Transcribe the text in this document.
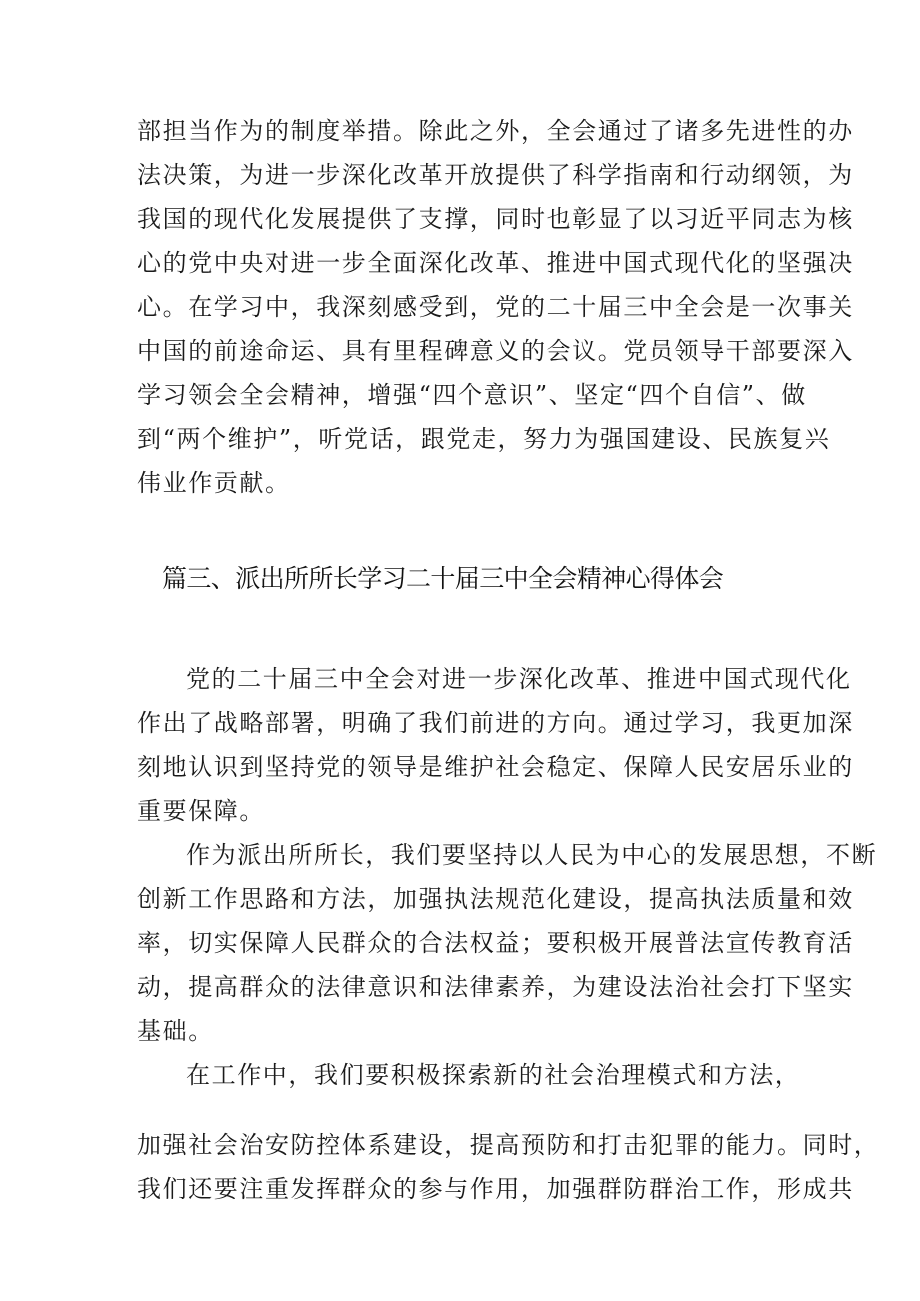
部担当作为的制度举措。除此之外，全会通过了诸多先进性的办
法决策，为进一步深化改革开放提供了科学指南和行动纲领，为
我国的现代化发展提供了支撑，同时也彰显了以习近平同志为核
心的党中央对进一步全面深化改革、推进中国式现代化的坚强决
心。在学习中，我深刻感受到，党的二十届三中全会是一次事关
中国的前途命运、具有里程碑意义的会议。党员领导干部要深入
学习领会全会精神，增强“四个意识”、坚定“四个自信”、做
到“两个维护”，听党话，跟党走，努力为强国建设、民族复兴
伟业作贡献。
篇三、派出所所长学习二十届三中全会精神心得体会
党的二十届三中全会对进一步深化改革、推进中国式现代化
作出了战略部署，明确了我们前进的方向。通过学习，我更加深
刻地认识到坚持党的领导是维护社会稳定、保障人民安居乐业的
重要保障。
作为派出所所长，我们要坚持以人民为中心的发展思想，不断
创新工作思路和方法，加强执法规范化建设，提高执法质量和效
率，切实保障人民群众的合法权益；要积极开展普法宣传教育活
动，提高群众的法律意识和法律素养，为建设法治社会打下坚实
基础。
在工作中，我们要积极探索新的社会治理模式和方法，
加强社会治安防控体系建设，提高预防和打击犯罪的能力。同时，
我们还要注重发挥群众的参与作用，加强群防群治工作，形成共
